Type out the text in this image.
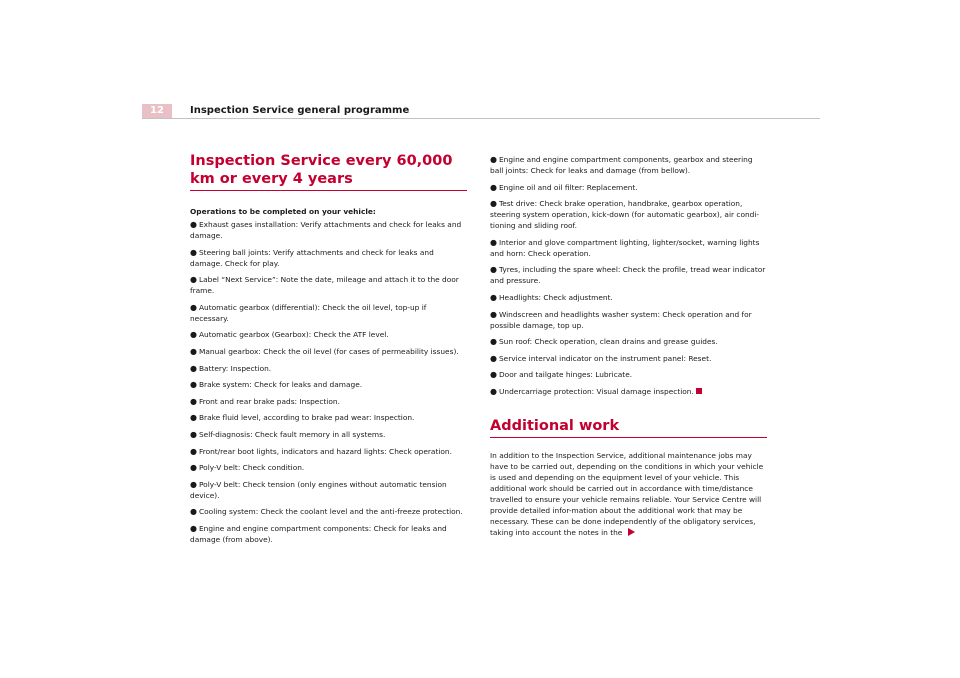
12	Inspection Service general programme
Inspection Service every 60,000 km or every 4 years
Operations to be completed on your vehicle:
● Exhaust gases installation: Verify attachments and check for leaks and damage.
● Steering ball joints: Verify attachments and check for leaks and damage. Check for play.
● Label “Next Service”: Note the date, mileage and attach it to the door frame.
● Automatic gearbox (differential): Check the oil level, top-up if necessary.
● Automatic gearbox (Gearbox): Check the ATF level.
● Manual gearbox: Check the oil level (for cases of permeability issues).
● Battery: Inspection.
● Brake system: Check for leaks and damage.
● Front and rear brake pads: Inspection.
● Brake fluid level, according to brake pad wear: Inspection.
● Self-diagnosis: Check fault memory in all systems.
● Front/rear boot lights, indicators and hazard lights: Check operation.
● Poly-V belt: Check condition.
● Poly-V belt: Check tension (only engines without automatic tension device).
● Cooling system: Check the coolant level and the anti-freeze protection.
● Engine and engine compartment components: Check for leaks and damage (from above).
● Engine and engine compartment components, gearbox and steering ball joints: Check for leaks and damage (from bellow).
● Engine oil and oil filter: Replacement.
● Test drive: Check brake operation, handbrake, gearbox operation, steering system operation, kick-down (for automatic gearbox), air condi-tioning and sliding roof.
● Interior and glove compartment lighting, lighter/socket, warning lights and horn: Check operation.
● Tyres, including the spare wheel: Check the profile, tread wear indicator and pressure.
● Headlights: Check adjustment.
● Windscreen and headlights washer system: Check operation and for possible damage, top up.
● Sun roof: Check operation, clean drains and grease guides.
● Service interval indicator on the instrument panel: Reset.
● Door and tailgate hinges: Lubricate.
● Undercarriage protection: Visual damage inspection.
Additional work

In addition to the Inspection Service, additional maintenance jobs may have to be carried out, depending on the conditions in which your vehicle is used and depending on the equipment level of your vehicle. This additional work should be carried out in accordance with time/distance travelled to ensure your vehicle remains reliable. Your Service Centre will provide detailed infor-mation about the additional work that may be necessary. These can be done independently of the obligatory services, taking into account the notes in the
